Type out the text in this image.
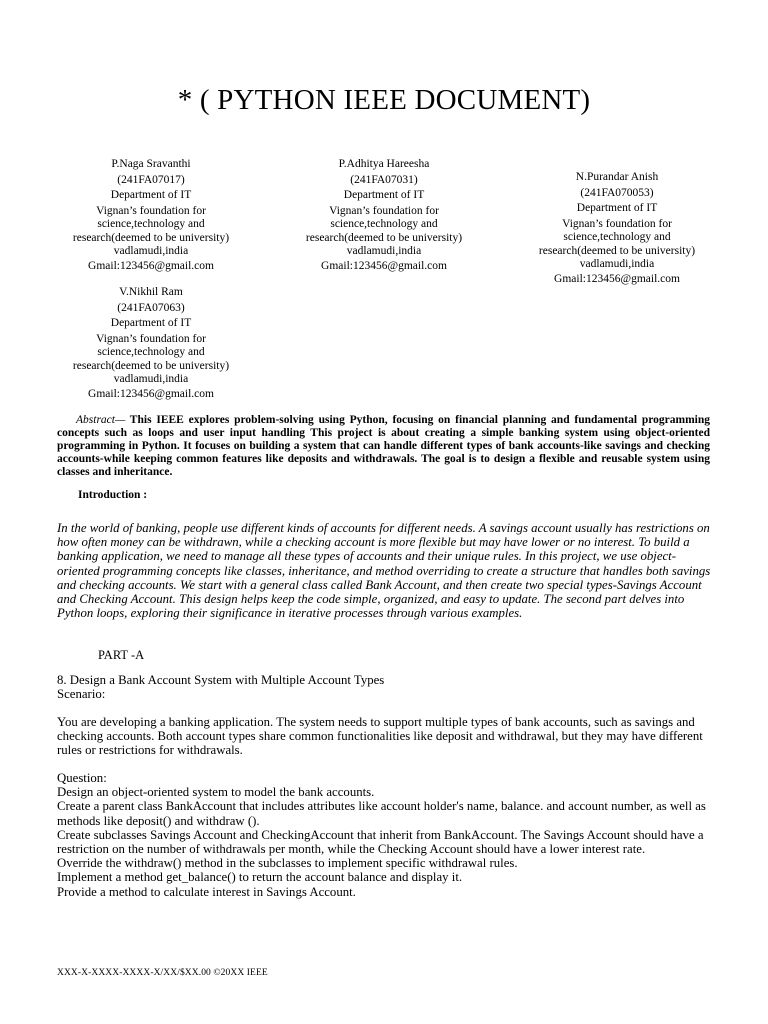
* ( PYTHON IEEE DOCUMENT)
P.Naga Sravanthi
(241FA07017)
Department of IT
Vignan’s foundation for
science,technology and
research(deemed to be university)
vadlamudi,india
Gmail:123456@gmail.com
P.Adhitya Hareesha
(241FA07031)
Department of IT
Vignan’s foundation for
science,technology and
research(deemed to be university)
vadlamudi,india
Gmail:123456@gmail.com
N.Purandar Anish
(241FA070053)
Department of IT
Vignan’s foundation for
science,technology and
research(deemed to be university)
vadlamudi,india
Gmail:123456@gmail.com
V.Nikhil Ram
(241FA07063)
Department of IT
Vignan’s foundation for
science,technology and
research(deemed to be university)
vadlamudi,india
Gmail:123456@gmail.com
Abstract— This IEEE explores problem-solving using Python, focusing on financial planning and fundamental programming concepts such as loops and user input handling This project is about creating a simple banking system using object-oriented programming in Python. It focuses on building a system that can handle different types of bank accounts-like savings and checking accounts-while keeping common features like deposits and withdrawals. The goal is to design a flexible and reusable system using classes and inheritance.
Introduction :
In the world of banking, people use different kinds of accounts for different needs. A savings account usually has restrictions on how often money can be withdrawn, while a checking account is more flexible but may have lower or no interest. To build a banking application, we need to manage all these types of accounts and their unique rules. In this project, we use object-oriented programming concepts like classes, inheritance, and method overriding to create a structure that handles both savings and checking accounts. We start with a general class called Bank Account, and then create two special types-Savings Account and Checking Account. This design helps keep the code simple, organized, and easy to update. The second part delves into Python loops, exploring their significance in iterative processes through various examples.
PART -A
8. Design a Bank Account System with Multiple Account Types
Scenario:
You are developing a banking application. The system needs to support multiple types of bank accounts, such as savings and checking accounts. Both account types share common functionalities like deposit and withdrawal, but they may have different rules or restrictions for withdrawals.
Question:
Design an object-oriented system to model the bank accounts.
Create a parent class BankAccount that includes attributes like account holder's name, balance. and account number, as well as methods like deposit() and withdraw ().
Create subclasses Savings Account and CheckingAccount that inherit from BankAccount. The Savings Account should have a restriction on the number of withdrawals per month, while the Checking Account should have a lower interest rate.
Override the withdraw() method in the subclasses to implement specific withdrawal rules.
Implement a method get_balance() to return the account balance and display it.
Provide a method to calculate interest in Savings Account.
XXX-X-XXXX-XXXX-X/XX/$XX.00 ©20XX IEEE
